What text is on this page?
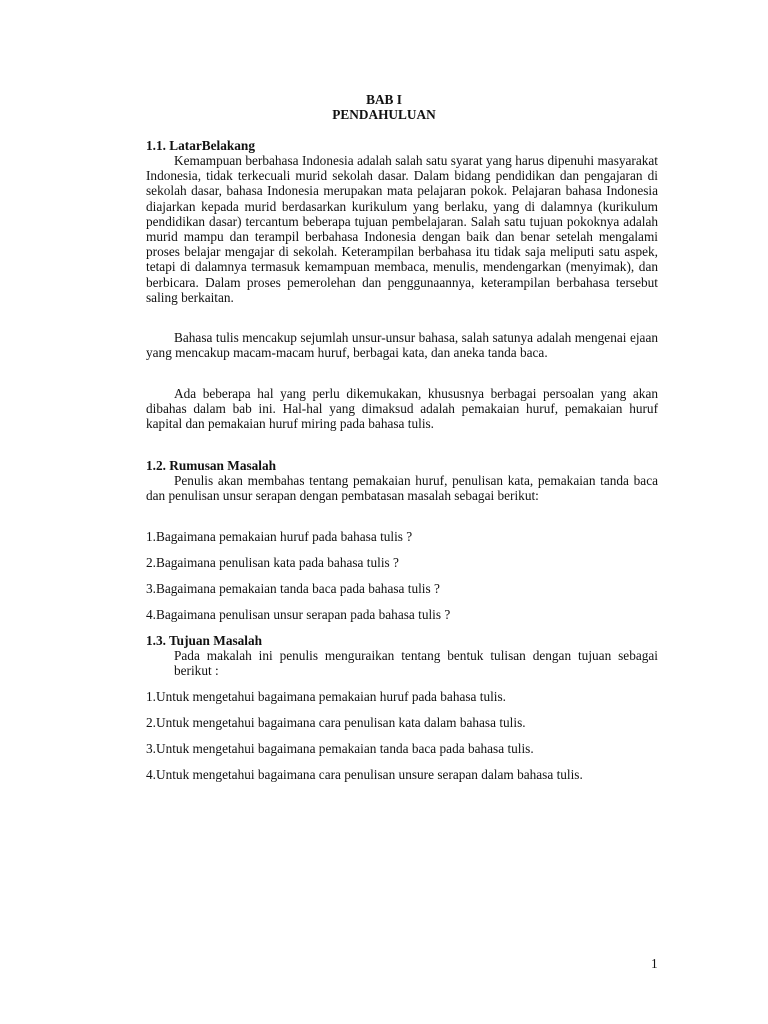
BAB I
PENDAHULUAN
1.1. LatarBelakang
Kemampuan berbahasa Indonesia adalah salah satu syarat yang harus dipenuhi masyarakat Indonesia, tidak terkecuali murid sekolah dasar. Dalam bidang pendidikan dan pengajaran di sekolah dasar, bahasa Indonesia merupakan mata pelajaran pokok. Pelajaran bahasa Indonesia diajarkan kepada murid berdasarkan kurikulum yang berlaku, yang di dalamnya (kurikulum pendidikan dasar) tercantum beberapa tujuan pembelajaran. Salah satu tujuan pokoknya adalah murid mampu dan terampil berbahasa Indonesia dengan baik dan benar setelah mengalami proses belajar mengajar di sekolah. Keterampilan berbahasa itu tidak saja meliputi satu aspek, tetapi di dalamnya termasuk kemampuan membaca, menulis, mendengarkan (menyimak), dan berbicara. Dalam proses pemerolehan dan penggunaannya, keterampilan berbahasa tersebut saling berkaitan.
Bahasa tulis mencakup sejumlah unsur-unsur bahasa, salah satunya adalah mengenai ejaan yang mencakup macam-macam huruf, berbagai kata, dan aneka tanda baca.
Ada beberapa hal yang perlu dikemukakan, khususnya berbagai persoalan yang akan dibahas dalam bab ini. Hal-hal yang dimaksud adalah pemakaian huruf, pemakaian huruf kapital dan pemakaian huruf miring pada bahasa tulis.
1.2. Rumusan Masalah
Penulis akan membahas tentang pemakaian huruf, penulisan kata, pemakaian tanda baca dan penulisan unsur serapan dengan pembatasan masalah sebagai berikut:
1.Bagaimana pemakaian huruf pada bahasa tulis ?
2.Bagaimana penulisan kata pada bahasa tulis ?
3.Bagaimana pemakaian tanda baca pada bahasa tulis ?
4.Bagaimana penulisan unsur serapan pada bahasa tulis ?
1.3. Tujuan Masalah
Pada makalah ini penulis menguraikan tentang bentuk tulisan dengan tujuan sebagai berikut :
1.Untuk mengetahui bagaimana pemakaian huruf pada bahasa tulis.
2.Untuk mengetahui bagaimana cara penulisan kata dalam bahasa tulis.
3.Untuk mengetahui bagaimana pemakaian tanda baca pada bahasa tulis.
4.Untuk mengetahui bagaimana cara penulisan unsure serapan dalam bahasa tulis.
1
